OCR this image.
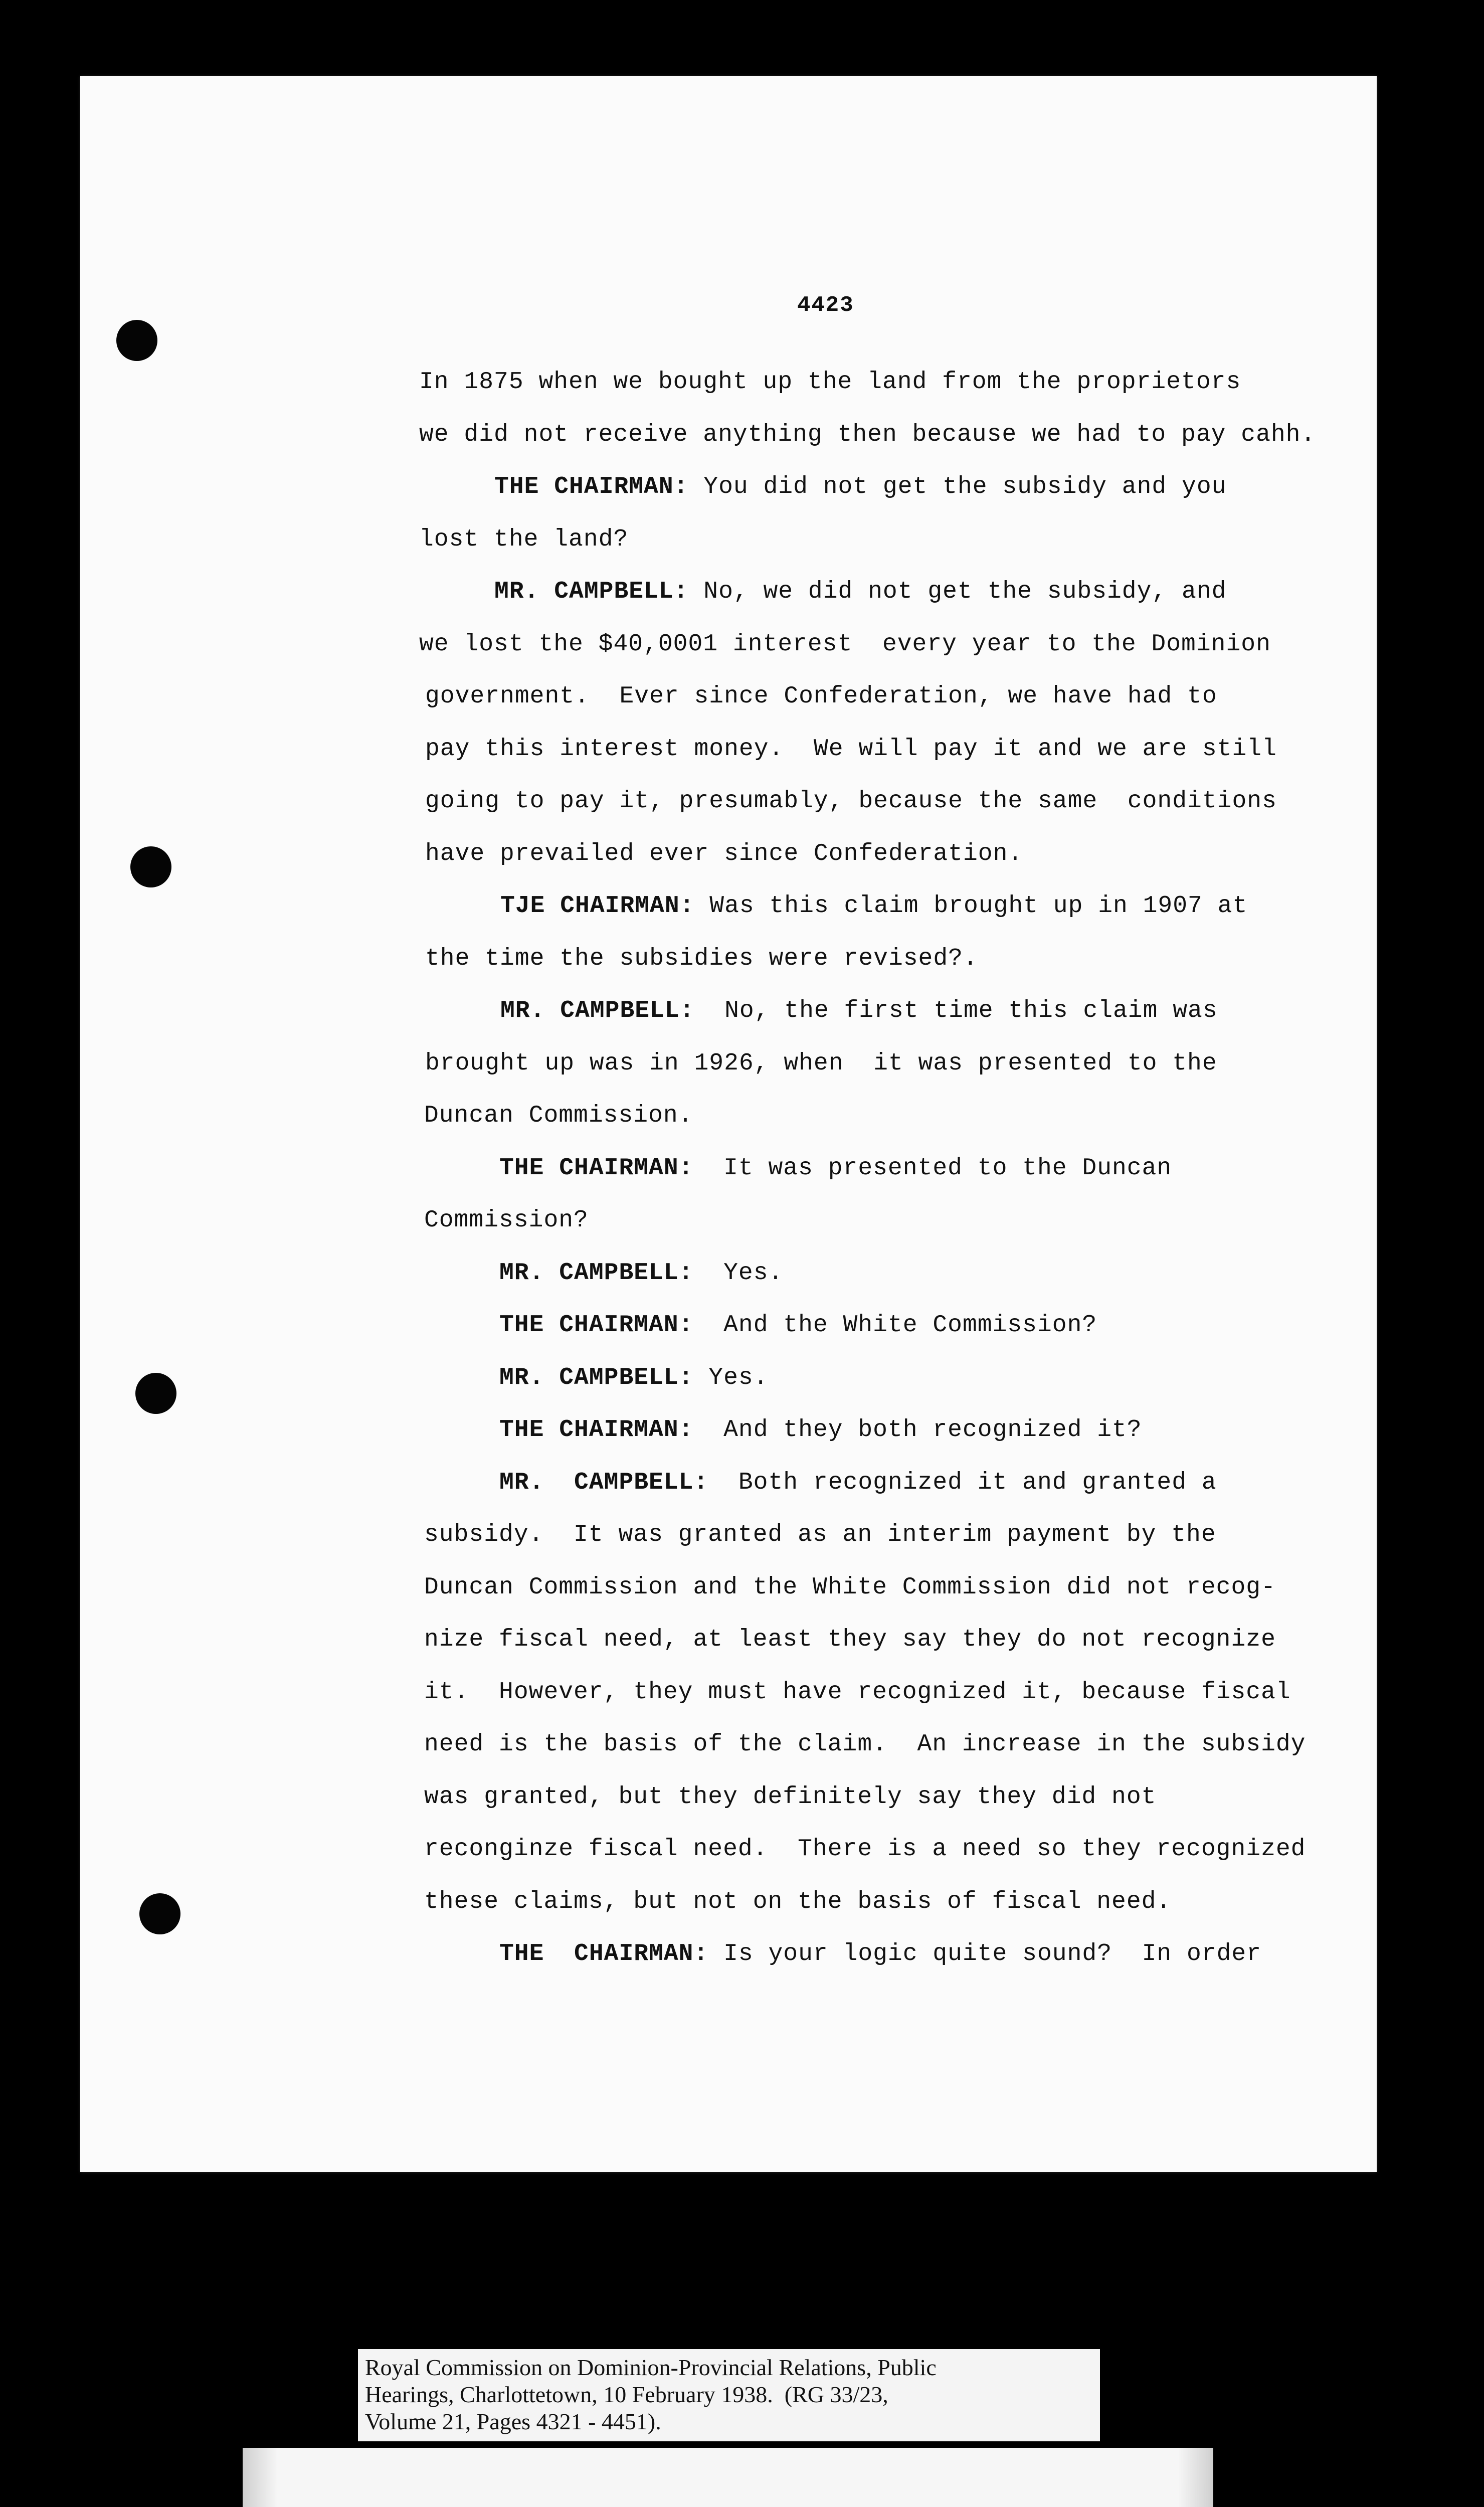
4423
In 1875 when we bought up the land from the proprietors
we did not receive anything then because we had to pay cahh.
THE CHAIRMAN: You did not get the subsidy and you
lost the land?
MR. CAMPBELL: No, we did not get the subsidy, and
we lost the $40,0001 interest  every year to the Dominion
government.  Ever since Confederation, we have had to
pay this interest money.  We will pay it and we are still
going to pay it, presumably, because the same  conditions
have prevailed ever since Confederation.
TJE CHAIRMAN: Was this claim brought up in 1907 at
the time the subsidies were revised?.
MR. CAMPBELL:  No, the first time this claim was
brought up was in 1926, when  it was presented to the
Duncan Commission.
THE CHAIRMAN:  It was presented to the Duncan
Commission?
MR. CAMPBELL:  Yes.
THE CHAIRMAN:  And the White Commission?
MR. CAMPBELL: Yes.
THE CHAIRMAN:  And they both recognized it?
MR.  CAMPBELL:  Both recognized it and granted a
subsidy.  It was granted as an interim payment by the
Duncan Commission and the White Commission did not recog-
nize fiscal need, at least they say they do not recognize
it.  However, they must have recognized it, because fiscal
need is the basis of the claim.  An increase in the subsidy
was granted, but they definitely say they did not
reconginze fiscal need.  There is a need so they recognized
these claims, but not on the basis of fiscal need.
THE  CHAIRMAN: Is your logic quite sound?  In order
Royal Commission on Dominion-Provincial Relations, Public
Hearings, Charlottetown, 10 February 1938.  (RG 33/23,
Volume 21, Pages 4321 - 4451).
